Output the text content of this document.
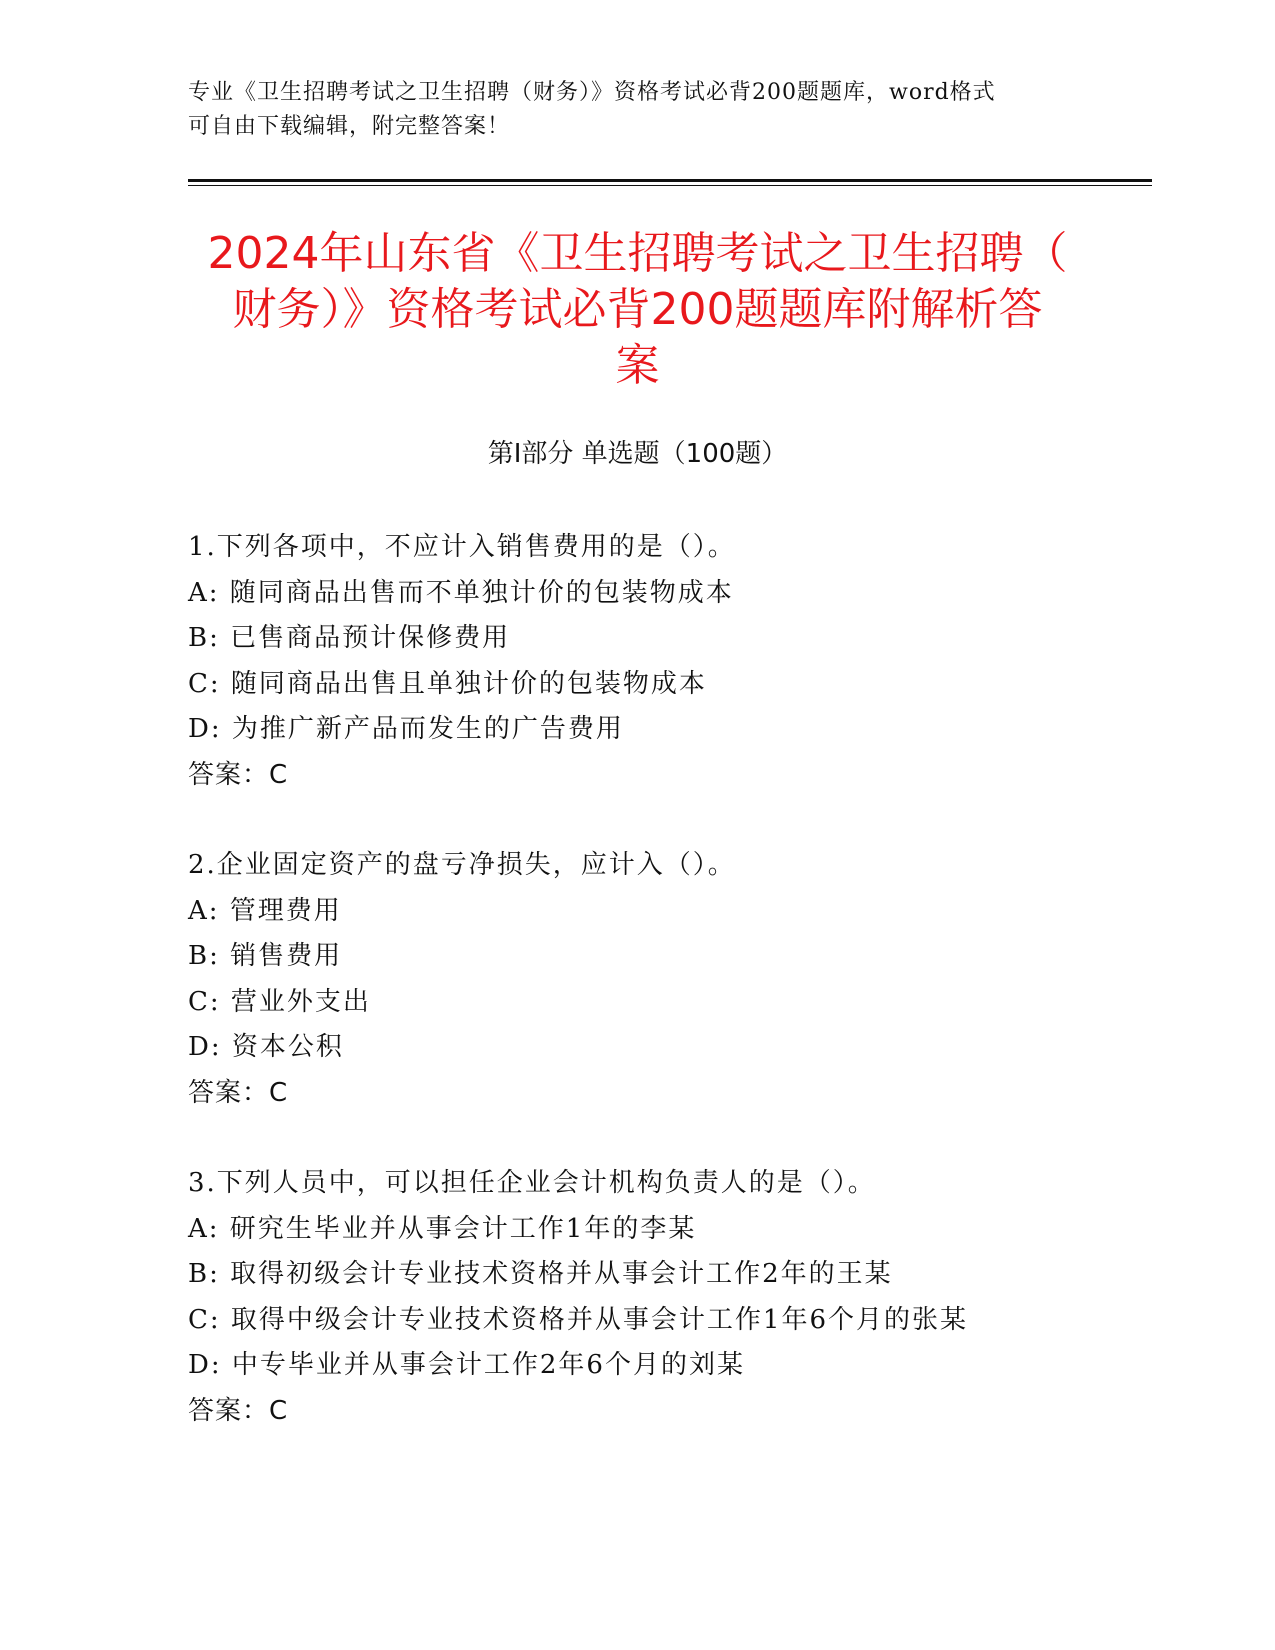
专业《卫生招聘考试之卫生招聘（财务）》资格考试必背200题题库，word格式
可自由下载编辑，附完整答案！
2024年山东省《卫生招聘考试之卫生招聘（
财务）》资格考试必背200题题库附解析答
案
第Ⅰ部分 单选题（100题）
1.下列各项中，不应计入销售费用的是（）。
A: 随同商品出售而不单独计价的包装物成本
B: 已售商品预计保修费用
C: 随同商品出售且单独计价的包装物成本
D: 为推广新产品而发生的广告费用
答案：C
2.企业固定资产的盘亏净损失，应计入（）。
A: 管理费用
B: 销售费用
C: 营业外支出
D: 资本公积
答案：C
3.下列人员中，可以担任企业会计机构负责人的是（）。
A: 研究生毕业并从事会计工作1年的李某
B: 取得初级会计专业技术资格并从事会计工作2年的王某
C: 取得中级会计专业技术资格并从事会计工作1年6个月的张某
D: 中专毕业并从事会计工作2年6个月的刘某
答案：C
